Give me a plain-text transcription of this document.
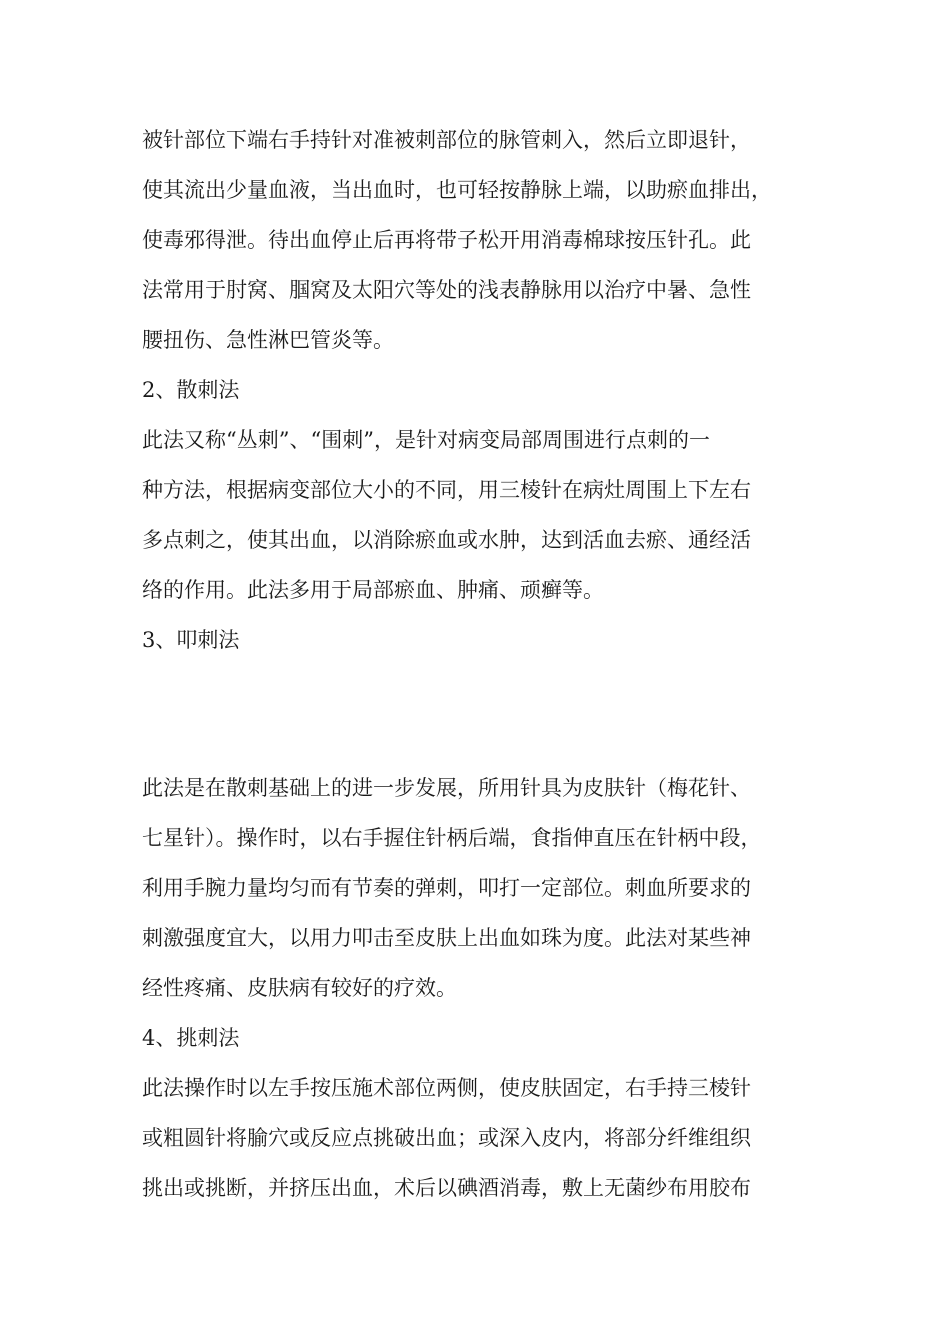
被针部位下端右手持针对准被刺部位的脉管刺入，然后立即退针，
使其流出少量血液，当出血时，也可轻按静脉上端，以助瘀血排出，
使毒邪得泄。待出血停止后再将带子松开用消毒棉球按压针孔。此
法常用于肘窝、腘窝及太阳穴等处的浅表静脉用以治疗中暑、急性
腰扭伤、急性淋巴管炎等。
2、散刺法
此法又称“丛刺”、“围刺”，是针对病变局部周围进行点刺的一
种方法，根据病变部位大小的不同，用三棱针在病灶周围上下左右
多点刺之，使其出血，以消除瘀血或水肿，达到活血去瘀、通经活
络的作用。此法多用于局部瘀血、肿痛、顽癣等。
3、叩刺法
此法是在散刺基础上的进一步发展，所用针具为皮肤针（梅花针、
七星针）。操作时，以右手握住针柄后端，食指伸直压在针柄中段，
利用手腕力量均匀而有节奏的弹刺，叩打一定部位。刺血所要求的
刺激强度宜大，以用力叩击至皮肤上出血如珠为度。此法对某些神
经性疼痛、皮肤病有较好的疗效。
4、挑刺法
此法操作时以左手按压施术部位两侧，使皮肤固定，右手持三棱针
或粗圆针将腧穴或反应点挑破出血；或深入皮内，将部分纤维组织
挑出或挑断，并挤压出血，术后以碘酒消毒，敷上无菌纱布用胶布
